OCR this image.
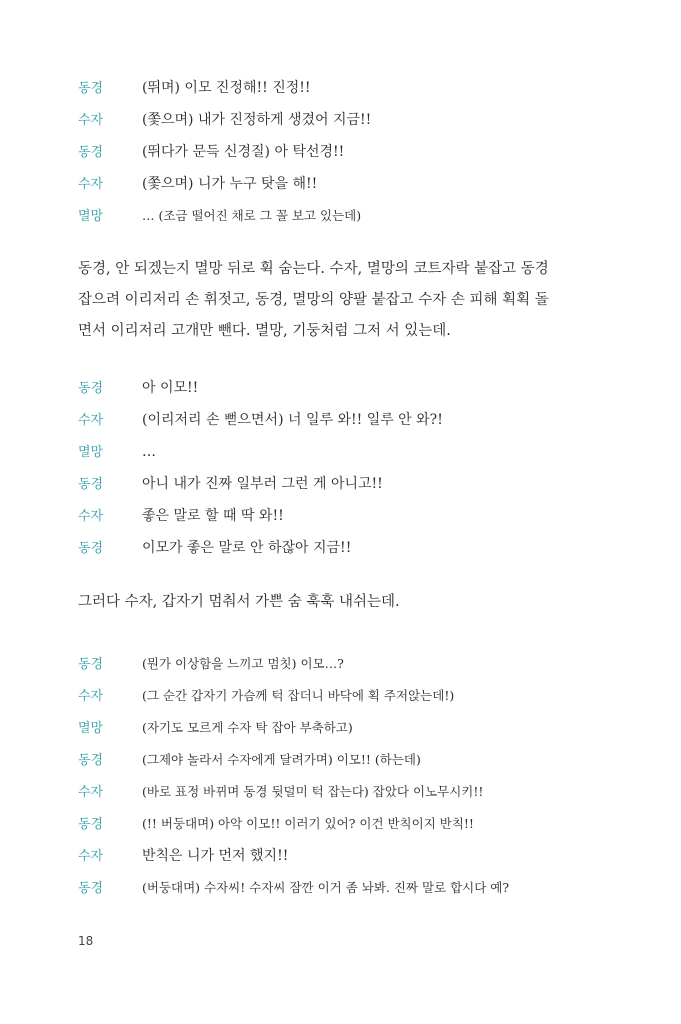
동경	(뛰며) 이모 진정해!! 진정!!
수자	(쫓으며) 내가 진정하게 생겼어 지금!!
동경	(뛰다가 문득 신경질) 아 탁선경!!
수자	(쫓으며) 니가 누구 탓을 해!!
멸망	… (조금 떨어진 채로 그 꼴 보고 있는데)
동경, 안 되겠는지 멸망 뒤로 휙 숨는다. 수자, 멸망의 코트자락 붙잡고 동경
잡으려 이리저리 손 휘젓고, 동경, 멸망의 양팔 붙잡고 수자 손 피해 획획 돌
면서 이리저리 고개만 뺀다. 멸망, 기둥처럼 그저 서 있는데.
동경	아 이모!!
수자	(이리저리 손 뻗으면서) 너 일루 와!! 일루 안 와?!
멸망	…
동경	아니 내가 진짜 일부러 그런 게 아니고!!
수자	좋은 말로 할 때 딱 와!!
동경	이모가 좋은 말로 안 하잖아 지금!!
그러다 수자, 갑자기 멈춰서 가쁜 숨 훅훅 내쉬는데.
동경	(뭔가 이상함을 느끼고 멈칫) 이모…?
수자	(그 순간 갑자기 가슴께 턱 잡더니 바닥에 획 주저앉는데!)
멸망	(자기도 모르게 수자 탁 잡아 부축하고)
동경	(그제야 놀라서 수자에게 달려가며) 이모!! (하는데)
수자	(바로 표정 바뀌며 동경 뒷덜미 턱 잡는다) 잡았다 이노무시키!!
동경	(!! 버둥대며) 아악 이모!! 이러기 있어? 이건 반칙이지 반칙!!
수자	반칙은 니가 먼저 했지!!
동경	(버둥대며) 수자씨! 수자씨 잠깐 이거 좀 놔봐. 진짜 말로 합시다 예?
18
